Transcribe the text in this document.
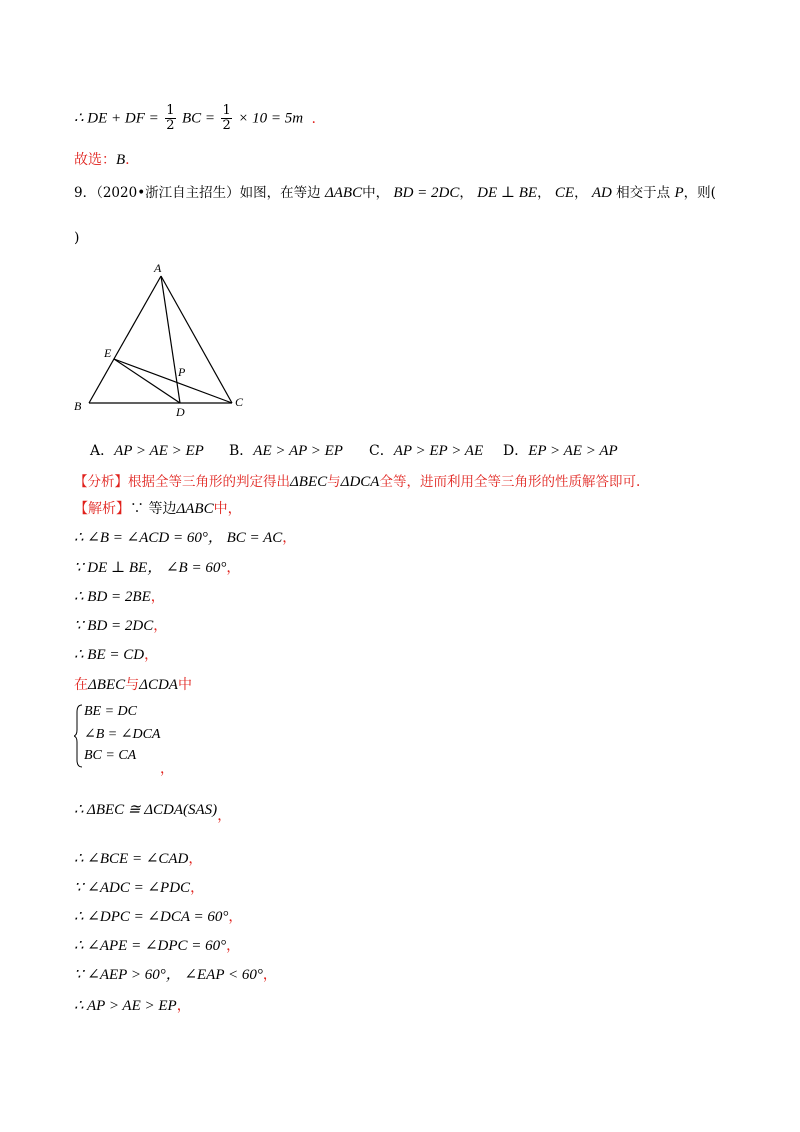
∴ DE + DF = $\frac{1}{2}$ BC = $\frac{1}{2} \times 10 = 5m$ .
故选：B.
9．（2020•浙江自主招生）如图，在等边 ΔABC中， BD = 2DC， DE ⊥ BE， CE， AD 相交于点 P，则(
)
A
B	C
D
E
P
A．AP > AE > EP B．AE > AP > EP C．AP > EP > AE D．EP > AE > AP
【分析】根据全等三角形的判定得出ΔBEC与ΔDCA全等，进而利用全等三角形的性质解答即可.
【解析】∵ 等边ΔABC中，
∴ ∠B = ∠ACD = 60°， BC = AC，
∵ DE ⊥ BE， ∠B = 60°，
∴ BD = 2BE，
∵ BD = 2DC，
∴ BE = CD，
在ΔBEC与ΔCDA中
BE = DC
∠B = ∠DCA
BC = CA
，
∴ ΔBEC ≅ ΔCDA(SAS)，
∴ ∠BCE = ∠CAD，
∵ ∠ADC = ∠PDC，
∴ ∠DPC = ∠DCA = 60°，
∴ ∠APE = ∠DPC = 60°，
∵ ∠AEP > 60°， ∠EAP < 60°，
∴ AP > AE > EP，
